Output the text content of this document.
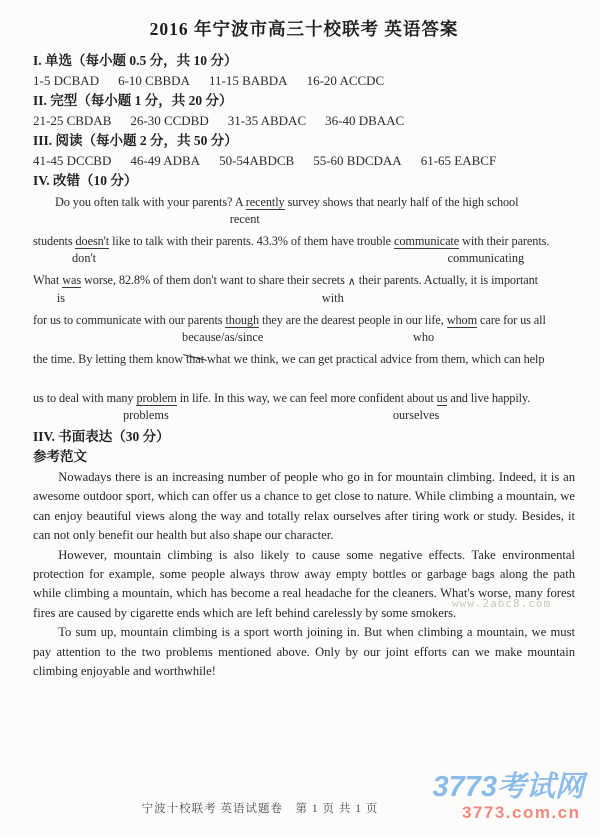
2016 年宁波市高三十校联考 英语答案
I. 单选（每小题 0.5 分，共 10 分）
1-5 DCBAD 6-10 CBBDA 11-15 BABDA 16-20 ACCDC
II. 完型（每小题 1 分，共 20 分）
21-25 CBDAB 26-30 CCDBD 31-35 ABDAC 36-40 DBAAC
III. 阅读（每小题 2 分，共 50 分）
41-45 DCCBD 46-49 ADBA 50-54ABDCB 55-60 BDCDAA 61-65 EABCF
IV. 改错（10 分）
Do you often talk with your parents? A recently survey shows that nearly half of the high school
recent
students doesn't like to talk with their parents. 43.3% of them have trouble communicate with their parents.
don't	communicating
What was worse, 82.8% of them don't want to share their secrets ∧ their parents. Actually, it is important
is	with
for us to communicate with our parents though they are the dearest people in our life, whom care for us all
because/as/since	who
the time. By letting them know that what we think, we can get practical advice from them, which can help
us to deal with many problem in life. In this way, we can feel more confident about us and live happily.
problems	ourselves
IIV. 书面表达（30 分）
参考范文

Nowadays there is an increasing number of people who go in for mountain climbing. Indeed, it is an awesome outdoor sport, which can offer us a chance to get close to nature. While climbing a mountain, we can enjoy beautiful views along the way and totally relax ourselves after tiring work or study. Besides, it can not only benefit our health but also shape our character.

However, mountain climbing is also likely to cause some negative effects. Take environmental protection for example, some people always throw away empty bottles or garbage bags along the path while climbing a mountain, which has become a real headache for the cleaners. What's worse, many forest fires are caused by cigarette ends which are left behind carelessly by some smokers.

To sum up, mountain climbing is a sport worth joining in. But when climbing a mountain, we must pay attention to the two problems mentioned above. Only by our joint efforts can we make mountain climbing enjoyable and worthwhile!

www.2abc8.com
宁波十校联考 英语试题卷　第 1 页 共 1 页
3773考试网
3773.com.cn
